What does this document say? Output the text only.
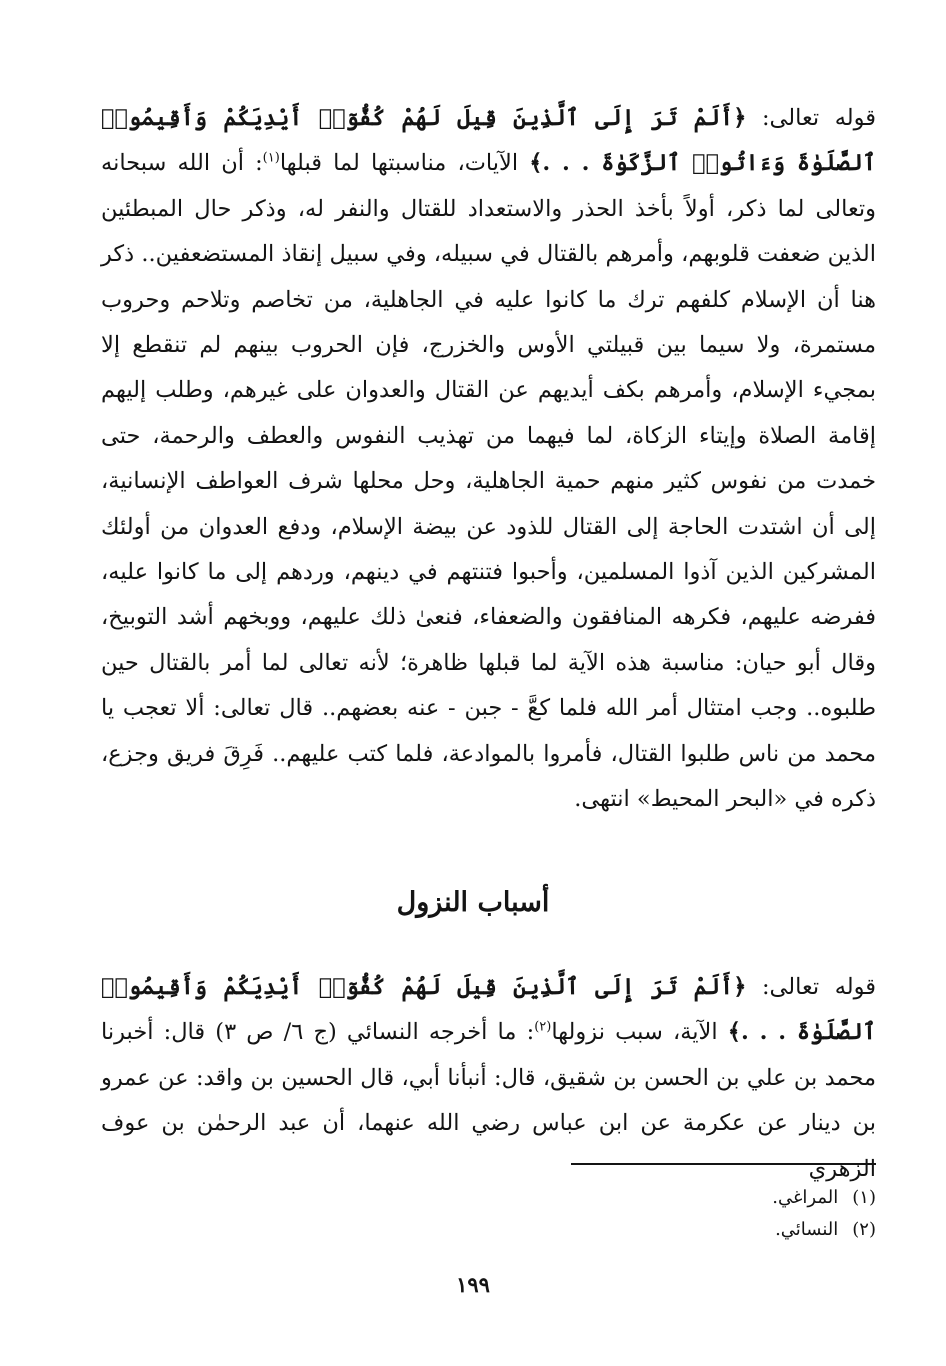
قوله تعالى: ﴿أَلَمْ تَرَ إِلَى ٱلَّذِينَ قِيلَ لَهُمْ كُفُّوٓا۟ أَيْدِيَكُمْ وَأَقِيمُوا۟ ٱلصَّلَوٰةَ وَءَاتُوا۟ ٱلزَّكَوٰةَ . . .﴾ الآيات، مناسبتها لما قبلها$^{(١)}$: أن الله سبحانه وتعالى لما ذكر، أولاً بأخذ الحذر والاستعداد للقتال والنفر له، وذكر حال المبطئين الذين ضعفت قلوبهم، وأمرهم بالقتال في سبيله، وفي سبيل إنقاذ المستضعفين.. ذكر هنا أن الإسلام كلفهم ترك ما كانوا عليه في الجاهلية، من تخاصم وتلاحم وحروب مستمرة، ولا سيما بين قبيلتي الأوس والخزرج، فإن الحروب بينهم لم تنقطع إلا بمجيء الإسلام، وأمرهم بكف أيديهم عن القتال والعدوان على غيرهم، وطلب إليهم إقامة الصلاة وإيتاء الزكاة، لما فيهما من تهذيب النفوس والعطف والرحمة، حتى خمدت من نفوس كثير منهم حمية الجاهلية، وحل محلها شرف العواطف الإنسانية، إلى أن اشتدت الحاجة إلى القتال للذود عن بيضة الإسلام، ودفع العدوان من أولئك المشركين الذين آذوا المسلمين، وأحبوا فتنتهم في دينهم، وردهم إلى ما كانوا عليه، ففرضه عليهم، فكرهه المنافقون والضعفاء، فنعىٰ ذلك عليهم، ووبخهم أشد التوبيخ، وقال أبو حيان: مناسبة هذه الآية لما قبلها ظاهرة؛ لأنه تعالى لما أمر بالقتال حين طلبوه.. وجب امتثال أمر الله فلما كعَّ - جبن - عنه بعضهم.. قال تعالى: ألا تعجب يا محمد من ناس طلبوا القتال، فأمروا بالموادعة، فلما كتب عليهم.. فَرِقَ فريق وجزع، ذكره في «البحر المحيط» انتهى.
أسباب النزول
قوله تعالى: ﴿أَلَمْ تَرَ إِلَى ٱلَّذِينَ قِيلَ لَهُمْ كُفُّوٓا۟ أَيْدِيَكُمْ وَأَقِيمُوا۟ ٱلصَّلَوٰةَ . . .﴾ الآية، سبب نزولها$^{(٢)}$: ما أخرجه النسائي (ج ٦/ ص ٣) قال: أخبرنا محمد بن علي بن الحسن بن شقيق، قال: أنبأنا أبي، قال الحسين بن واقد: عن عمرو بن دينار عن عكرمة عن ابن عباس رضي الله عنهما، أن عبد الرحمٰن بن عوف الزهري
(١)المراغي.
(٢)النسائي.
١٩٩
